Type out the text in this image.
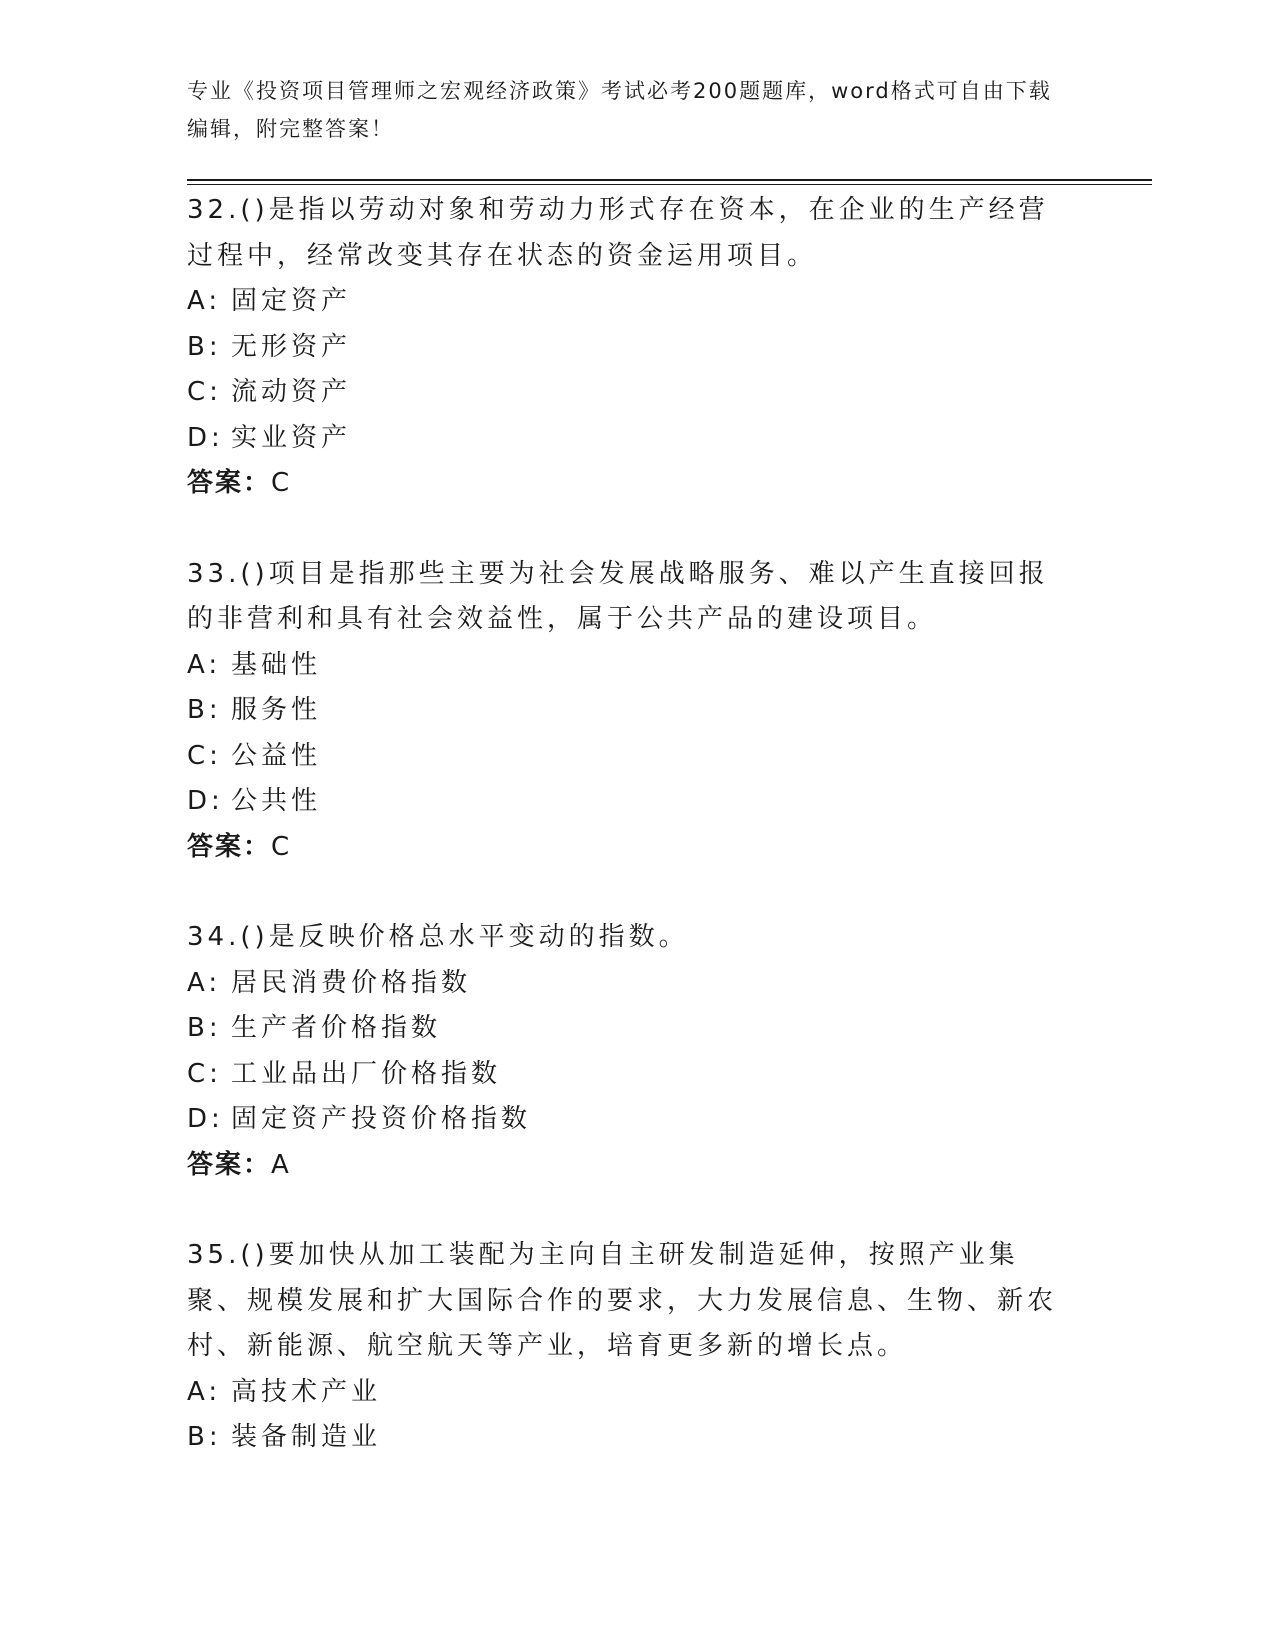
专业《投资项目管理师之宏观经济政策》考试必考200题题库，word格式可自由下载编辑，附完整答案！

32.()是指以劳动对象和劳动力形式存在资本，在企业的生产经营过程中，经常改变其存在状态的资金运用项目。

A: 固定资产

B: 无形资产

C: 流动资产

D: 实业资产

答案：C

33.()项目是指那些主要为社会发展战略服务、难以产生直接回报的非营利和具有社会效益性，属于公共产品的建设项目。

A: 基础性

B: 服务性

C: 公益性

D: 公共性

答案：C

34.()是反映价格总水平变动的指数。

A: 居民消费价格指数

B: 生产者价格指数

C: 工业品出厂价格指数

D: 固定资产投资价格指数

答案：A

35.()要加快从加工装配为主向自主研发制造延伸，按照产业集聚、规模发展和扩大国际合作的要求，大力发展信息、生物、新农村、新能源、航空航天等产业，培育更多新的增长点。

A: 高技术产业

B: 装备制造业
